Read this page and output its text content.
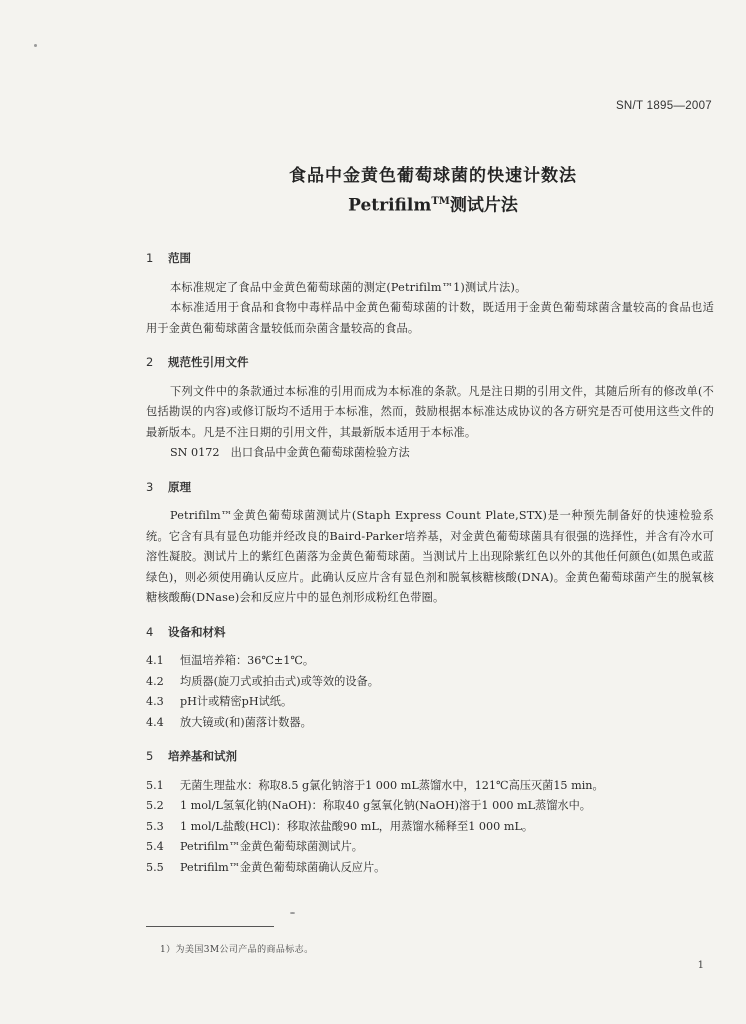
SN/T 1895—2007
食品中金黄色葡萄球菌的快速计数法
Petrifilm™测试片法

1 范围

本标准规定了食品中金黄色葡萄球菌的测定(Petrifilm™1)测试片法)。

本标准适用于食品和食物中毒样品中金黄色葡萄球菌的计数，既适用于金黄色葡萄球菌含量较高的食品也适用于金黄色葡萄球菌含量较低而杂菌含量较高的食品。

2 规范性引用文件

下列文件中的条款通过本标准的引用而成为本标准的条款。凡是注日期的引用文件，其随后所有的修改单(不包括勘误的内容)或修订版均不适用于本标准，然而，鼓励根据本标准达成协议的各方研究是否可使用这些文件的最新版本。凡是不注日期的引用文件，其最新版本适用于本标准。

SN 0172　出口食品中金黄色葡萄球菌检验方法

3 原理

Petrifilm™金黄色葡萄球菌测试片(Staph Express Count Plate,STX)是一种预先制备好的快速检验系统。它含有具有显色功能并经改良的Baird-Parker培养基，对金黄色葡萄球菌具有很强的选择性，并含有冷水可溶性凝胶。测试片上的紫红色菌落为金黄色葡萄球菌。当测试片上出现除紫红色以外的其他任何颜色(如黑色或蓝绿色)，则必须使用确认反应片。此确认反应片含有显色剂和脱氧核糖核酸(DNA)。金黄色葡萄球菌产生的脱氧核糖核酸酶(DNase)会和反应片中的显色剂形成粉红色带圈。

4 设备和材料

4.1 恒温培养箱：36℃±1℃。

4.2 均质器(旋刀式或拍击式)或等效的设备。

4.3 pH计或精密pH试纸。

4.4 放大镜或(和)菌落计数器。

5 培养基和试剂

5.1 无菌生理盐水：称取8.5 g氯化钠溶于1 000 mL蒸馏水中，121℃高压灭菌15 min。

5.2 1 mol/L氢氧化钠(NaOH)：称取40 g氢氧化钠(NaOH)溶于1 000 mL蒸馏水中。

5.3 1 mol/L盐酸(HCl)：移取浓盐酸90 mL，用蒸馏水稀释至1 000 mL。

5.4 Petrifilm™金黄色葡萄球菌测试片。

5.5 Petrifilm™金黄色葡萄球菌确认反应片。

1）为美国3M公司产品的商品标志。
1
